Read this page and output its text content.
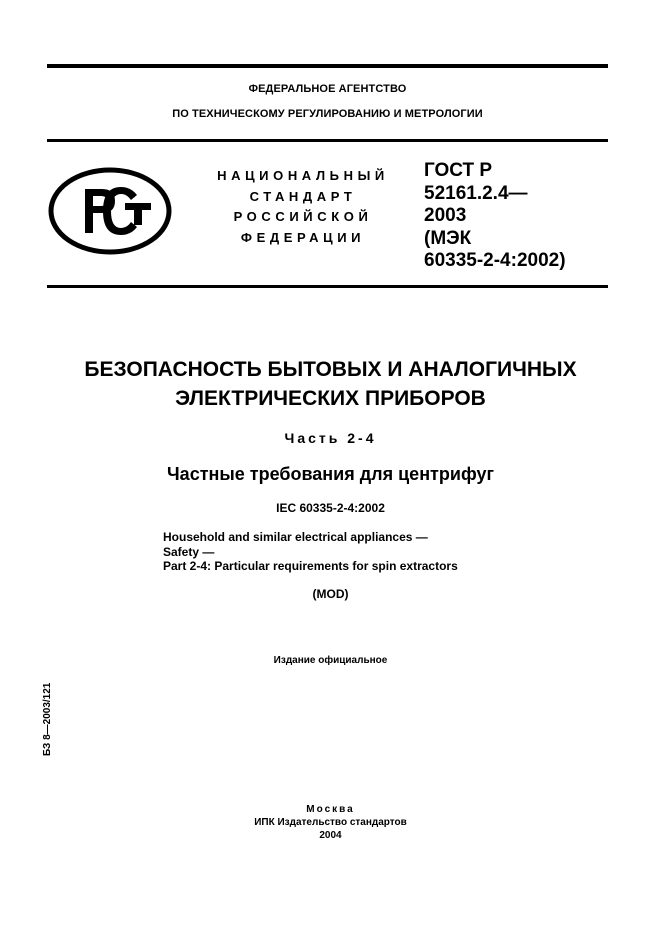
ФЕДЕРАЛЬНОЕ АГЕНТСТВО
ПО ТЕХНИЧЕСКОМУ РЕГУЛИРОВАНИЮ И МЕТРОЛОГИИ
НАЦИОНАЛЬНЫЙ
СТАНДАРТ
РОССИЙСКОЙ
ФЕДЕРАЦИИ
ГОСТ Р
52161.2.4—
2003
(МЭК
60335-2-4:2002)
БЕЗОПАСНОСТЬ БЫТОВЫХ И АНАЛОГИЧНЫХ
ЭЛЕКТРИЧЕСКИХ ПРИБОРОВ
Часть 2-4
Частные требования для центрифуг
IEC 60335-2-4:2002
Household and similar electrical appliances —
Safety —
Part 2-4: Particular requirements for spin extractors
(MOD)
Издание официальное
БЗ 8—2003/121
Москва
ИПК Издательство стандартов
2004
